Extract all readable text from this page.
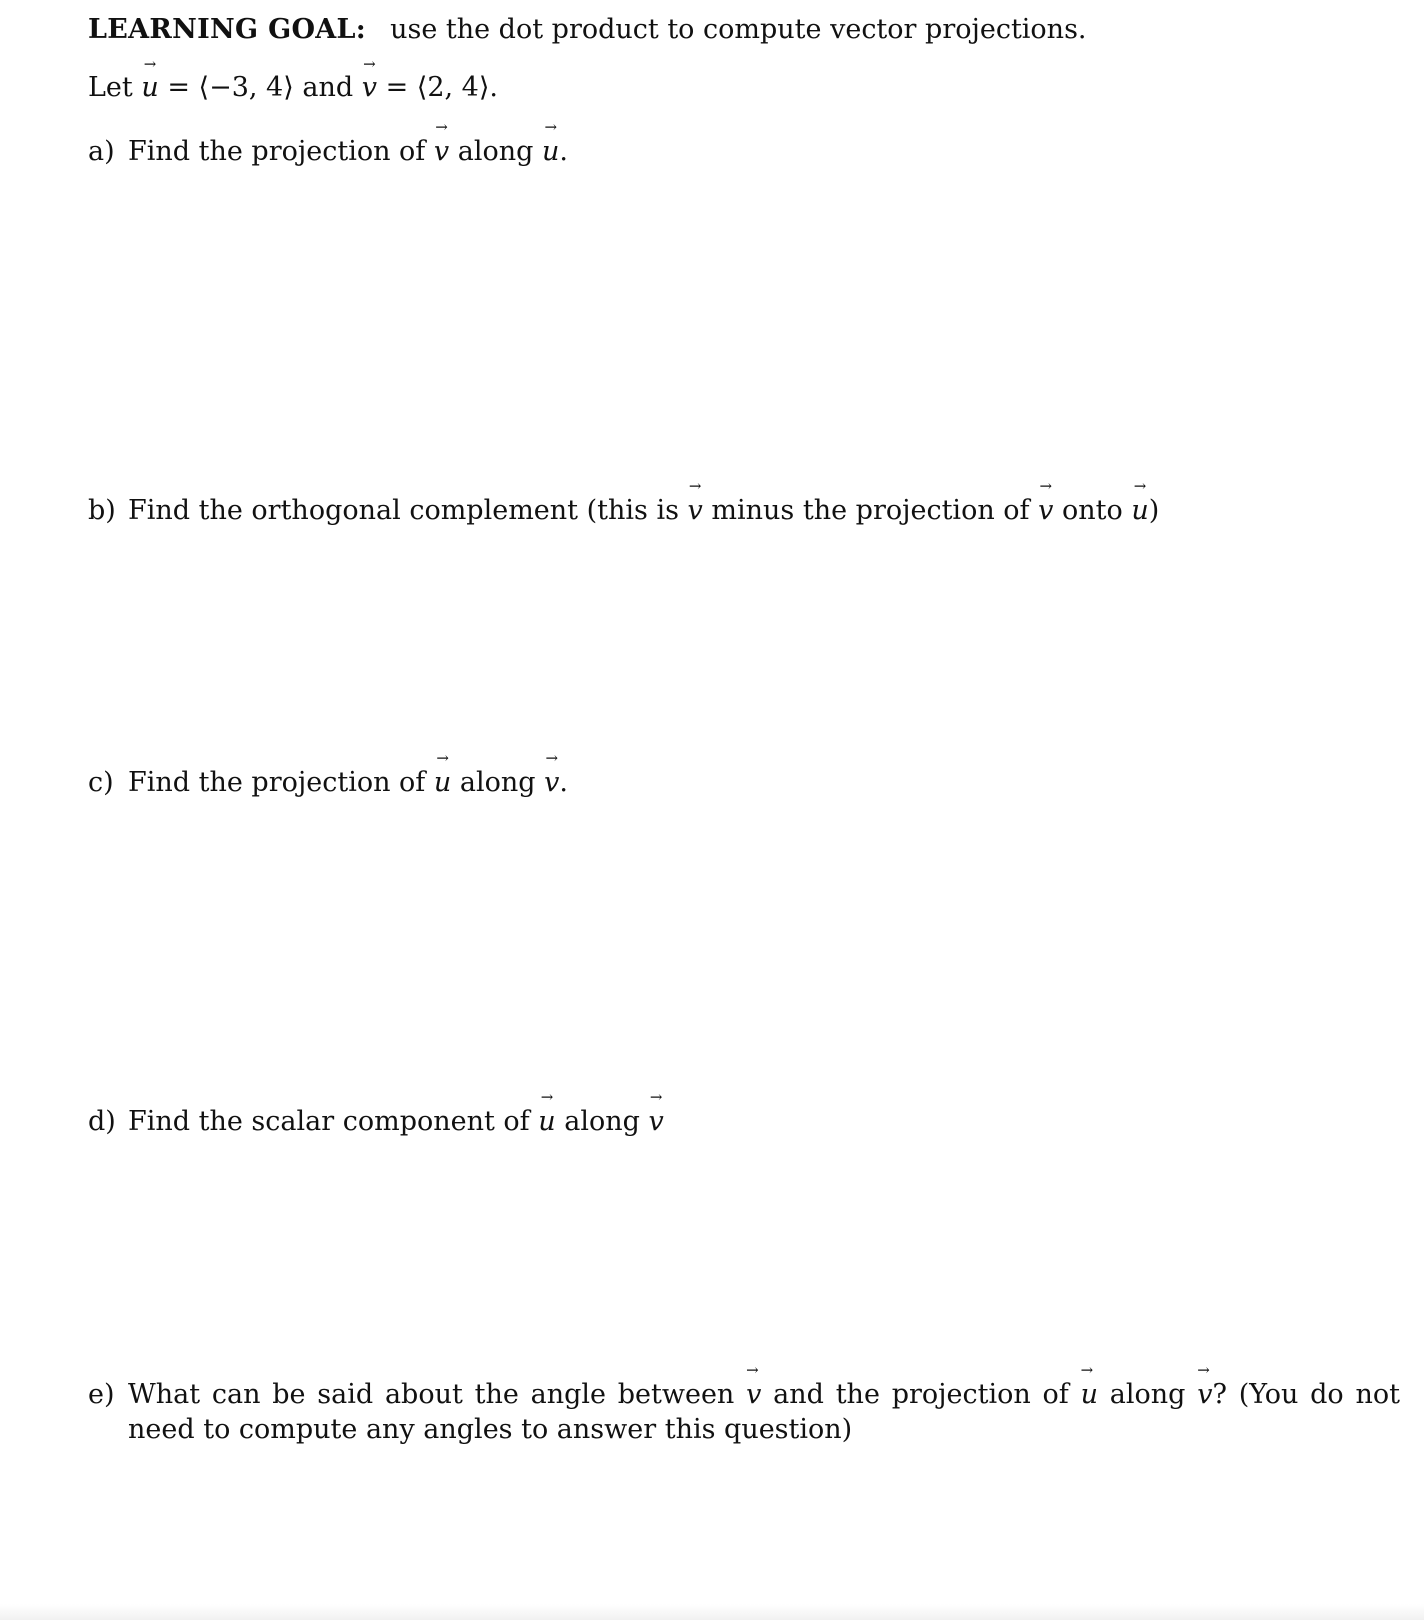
LEARNING GOAL: use the dot product to compute vector projections.
Let → u = ⟨−3, 4⟩ and → v = ⟨2, 4⟩.
a) Find the projection of → v along → u.
b) Find the orthogonal complement (this is → v minus the projection of → v onto → u)
c) Find the projection of → u along → v.
d) Find the scalar component of → u along → v
e) What can be said about the angle between → v and the projection of → u along → v? (You do not need to compute any angles to answer this question)
